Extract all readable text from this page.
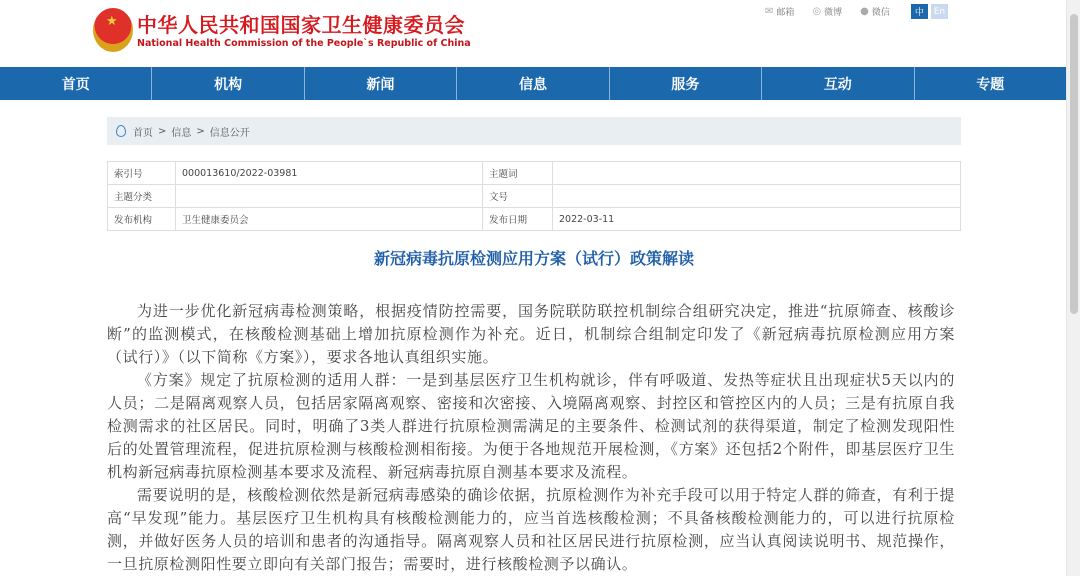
★
中华人民共和国国家卫生健康委员会
National Health Commission of the People`s Republic of China
✉ 邮箱 ◎ 微博 ● 微信	中	En
首页	机构	新闻	信息	服务	互动	专题
首页 > 信息 > 信息公开
索引号	000013610/2022-03981	主题词	
主题分类		文号	
发布机构	卫生健康委员会	发布日期	2022-03-11
新冠病毒抗原检测应用方案（试行）政策解读

为进一步优化新冠病毒检测策略，根据疫情防控需要，国务院联防联控机制综合组研究决定，推进“抗原筛查、核酸诊断”的监测模式，在核酸检测基础上增加抗原检测作为补充。近日，机制综合组制定印发了《新冠病毒抗原检测应用方案（试行）》（以下简称《方案》），要求各地认真组织实施。

《方案》规定了抗原检测的适用人群：一是到基层医疗卫生机构就诊，伴有呼吸道、发热等症状且出现症状5天以内的人员；二是隔离观察人员，包括居家隔离观察、密接和次密接、入境隔离观察、封控区和管控区内的人员；三是有抗原自我检测需求的社区居民。同时，明确了3类人群进行抗原检测需满足的主要条件、检测试剂的获得渠道，制定了检测发现阳性后的处置管理流程，促进抗原检测与核酸检测相衔接。为便于各地规范开展检测，《方案》还包括2个附件，即基层医疗卫生机构新冠病毒抗原检测基本要求及流程、新冠病毒抗原自测基本要求及流程。

需要说明的是，核酸检测依然是新冠病毒感染的确诊依据，抗原检测作为补充手段可以用于特定人群的筛查，有利于提高“早发现”能力。基层医疗卫生机构具有核酸检测能力的，应当首选核酸检测；不具备核酸检测能力的，可以进行抗原检测，并做好医务人员的培训和患者的沟通指导。隔离观察人员和社区居民进行抗原检测，应当认真阅读说明书、规范操作，一旦抗原检测阳性要立即向有关部门报告；需要时，进行核酸检测予以确认。
